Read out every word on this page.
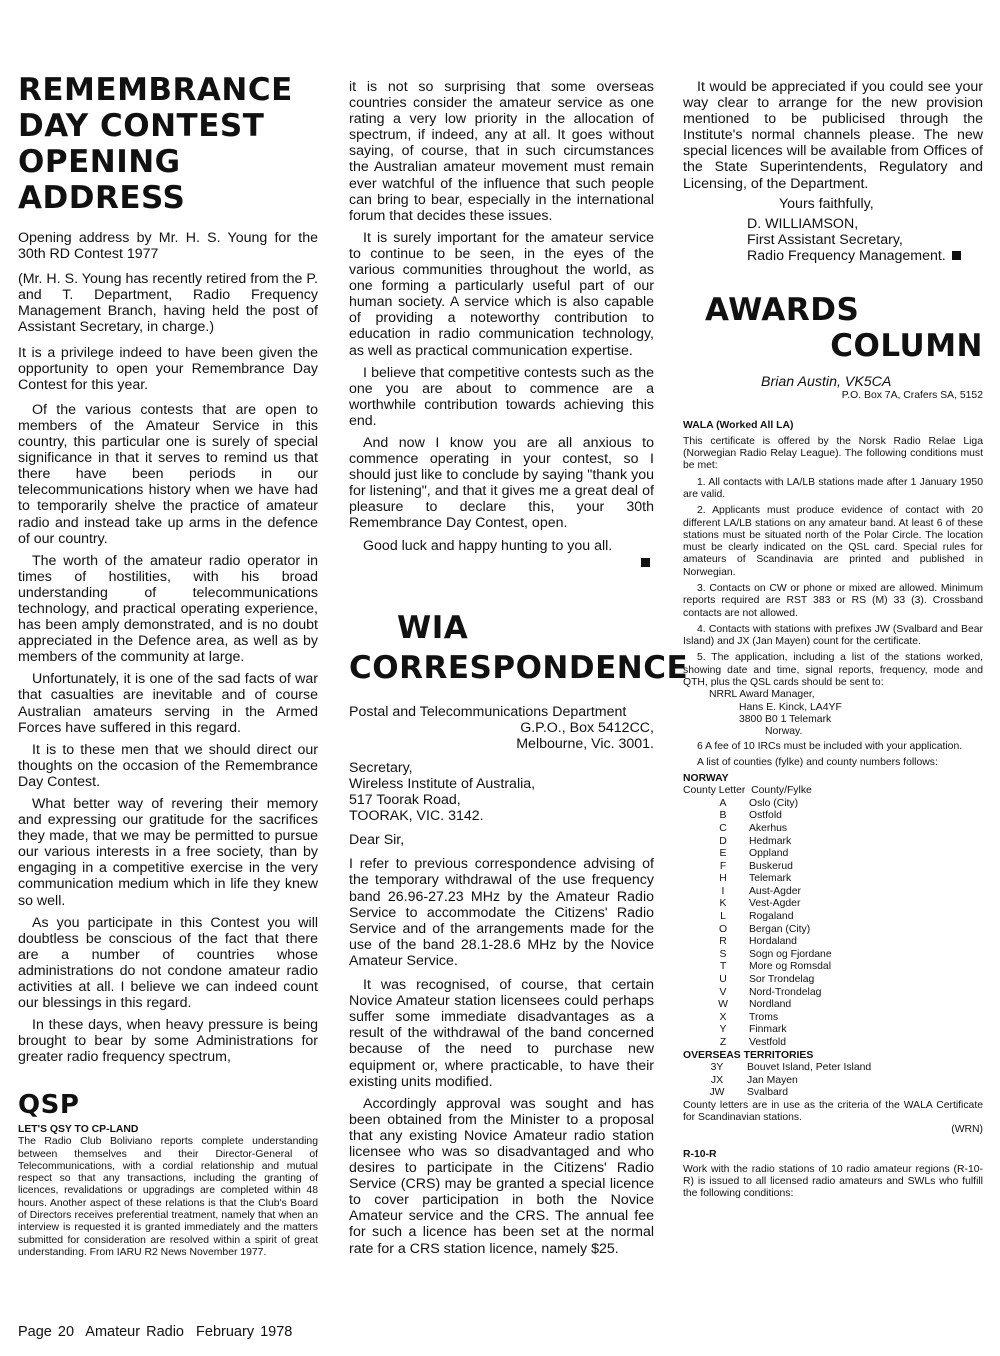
REMEMBRANCE
DAY CONTEST
OPENING
ADDRESS

Opening address by Mr. H. S. Young for the 30th RD Contest 1977

(Mr. H. S. Young has recently retired from the P. and T. Department, Radio Frequency Management Branch, having held the post of Assistant Secretary, in charge.)

It is a privilege indeed to have been given the opportunity to open your Remembrance Day Contest for this year.

Of the various contests that are open to members of the Amateur Service in this country, this particular one is surely of special significance in that it serves to remind us that there have been periods in our telecommunications history when we have had to temporarily shelve the practice of amateur radio and instead take up arms in the defence of our country.

The worth of the amateur radio operator in times of hostilities, with his broad understanding of telecommunications technology, and practical operating experience, has been amply demonstrated, and is no doubt appreciated in the Defence area, as well as by members of the community at large.

Unfortunately, it is one of the sad facts of war that casualties are inevitable and of course Australian amateurs serving in the Armed Forces have suffered in this regard.

It is to these men that we should direct our thoughts on the occasion of the Remembrance Day Contest.

What better way of revering their memory and expressing our gratitude for the sacrifices they made, that we may be permitted to pursue our various interests in a free society, than by engaging in a competitive exercise in the very communication medium which in life they knew so well.

As you participate in this Contest you will doubtless be conscious of the fact that there are a number of countries whose administrations do not condone amateur radio activities at all. I believe we can indeed count our blessings in this regard.

In these days, when heavy pressure is being brought to bear by some Administrations for greater radio frequency spectrum,

QSP
LET'S QSY TO CP-LAND

The Radio Club Boliviano reports complete understanding between themselves and their Director-General of Telecommunications, with a cordial relationship and mutual respect so that any transactions, including the granting of licences, revalidations or upgradings are completed within 48 hours. Another aspect of these relations is that the Club's Board of Directors receives preferential treatment, namely that when an interview is requested it is granted immediately and the matters submitted for consideration are resolved within a spirit of great understanding. From IARU R2 News November 1977.

it is not so surprising that some overseas countries consider the amateur service as one rating a very low priority in the allocation of spectrum, if indeed, any at all. It goes without saying, of course, that in such circumstances the Australian amateur movement must remain ever watchful of the influence that such people can bring to bear, especially in the international forum that decides these issues.

It is surely important for the amateur service to continue to be seen, in the eyes of the various communities throughout the world, as one forming a particularly useful part of our human society. A service which is also capable of providing a noteworthy contribution to education in radio communication technology, as well as practical communication expertise.

I believe that competitive contests such as the one you are about to commence are a worthwhile contribution towards achieving this end.

And now I know you are all anxious to commence operating in your contest, so I should just like to conclude by saying "thank you for listening", and that it gives me a great deal of pleasure to declare this, your 30th Remembrance Day Contest, open.

Good luck and happy hunting to you all.

WIA
CORRESPONDENCE

Postal and Telecommunications Department

G.P.O., Box 5412CC,

Melbourne, Vic. 3001.

Secretary,

Wireless Institute of Australia,

517 Toorak Road,

TOORAK, VIC. 3142.

Dear Sir,

I refer to previous correspondence advising of the temporary withdrawal of the use frequency band 26.96-27.23 MHz by the Amateur Radio Service to accommodate the Citizens' Radio Service and of the arrangements made for the use of the band 28.1-28.6 MHz by the Novice Amateur Service.

It was recognised, of course, that certain Novice Amateur station licensees could perhaps suffer some immediate disadvantages as a result of the withdrawal of the band concerned because of the need to purchase new equipment or, where practicable, to have their existing units modified.

Accordingly approval was sought and has been obtained from the Minister to a proposal that any existing Novice Amateur radio station licensee who was so disadvantaged and who desires to participate in the Citizens' Radio Service (CRS) may be granted a special licence to cover participation in both the Novice Amateur service and the CRS. The annual fee for such a licence has been set at the normal rate for a CRS station licence, namely $25.

It would be appreciated if you could see your way clear to arrange for the new provision mentioned to be publicised through the Institute's normal channels please. The new special licences will be available from Offices of the State Superintendents, Regulatory and Licensing, of the Department.

Yours faithfully,

D. WILLIAMSON,

First Assistant Secretary,

Radio Frequency Management.
AWARDS
COLUMN

Brian Austin, VK5CA

P.O. Box 7A, Crafers SA, 5152

WALA (Worked All LA)

This certificate is offered by the Norsk Radio Relae Liga (Norwegian Radio Relay League). The following conditions must be met:

1. All contacts with LA/LB stations made after 1 January 1950 are valid.

2. Applicants must produce evidence of contact with 20 different LA/LB stations on any amateur band. At least 6 of these stations must be situated north of the Polar Circle. The location must be clearly indicated on the QSL card. Special rules for amateurs of Scandinavia are printed and published in Norwegian.

3. Contacts on CW or phone or mixed are allowed. Minimum reports required are RST 383 or RS (M) 33 (3). Crossband contacts are not allowed.

4. Contacts with stations with prefixes JW (Svalbard and Bear Island) and JX (Jan Mayen) count for the certificate.

5. The application, including a list of the stations worked, showing date and time, signal reports, frequency, mode and QTH, plus the QSL cards should be sent to:

NRRL Award Manager,
Hans E. Kinck, LA4YF
3800 B0 1 Telemark
Norway.

6 A fee of 10 IRCs must be included with your application.

A list of counties (fylke) and county numbers follows:

NORWAY
County Letter  County/Fylke
A	Oslo (City)
B	Ostfold
C	Akerhus
D	Hedmark
E	Oppland
F	Buskerud
H	Telemark
I	Aust-Agder
K	Vest-Agder
L	Rogaland
O	Bergan (City)
R	Hordaland
S	Sogn og Fjordane
T	More og Romsdal
U	Sor Trondelag
V	Nord-Trondelag
W	Nordland
X	Troms
Y	Finmark
Z	Vestfold
OVERSEAS TERRITORIES
3Y	Bouvet Island, Peter Island
JX	Jan Mayen
JW	Svalbard

County letters are in use as the criteria of the WALA Certificate for Scandinavian stations.

(WRN)

R-10-R

Work with the radio stations of 10 radio amateur regions (R-10-R) is issued to all licensed radio amateurs and SWLs who fulfill the following conditions:

Page 20  Amateur Radio  February 1978
